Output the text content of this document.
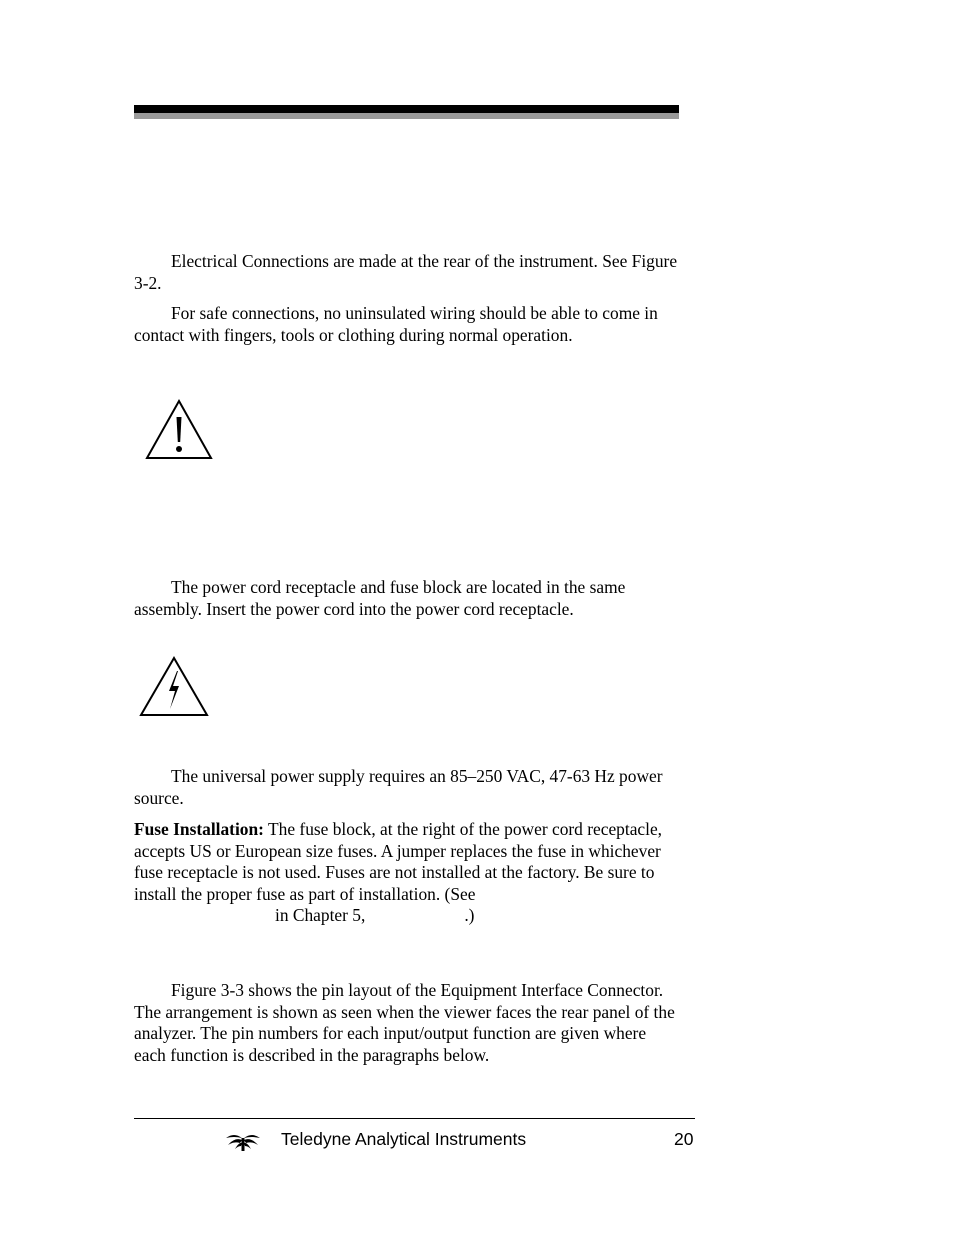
Electrical Connections are made at the rear of the instrument. See Figure 3-2.

For safe connections, no uninsulated wiring should be able to come in contact with fingers, tools or clothing during normal operation.

The power cord receptacle and fuse block are located in the same assembly. Insert the power cord into the power cord receptacle.

The universal power supply requires an 85–250 VAC, 47-63 Hz power source.

Fuse Installation: The fuse block, at the right of the power cord receptacle, accepts US or European size fuses. A jumper replaces the fuse in whichever fuse receptacle is not used. Fuses are not installed at the factory. Be sure to install the proper fuse as part of installation. (See
in Chapter 5,	.)

Figure 3-3 shows the pin layout of the Equipment Interface Connector. The arrangement is shown as seen when the viewer faces the rear panel of the analyzer. The pin numbers for each input/output function are given where each function is described in the paragraphs below.

Teledyne Analytical Instruments	20
